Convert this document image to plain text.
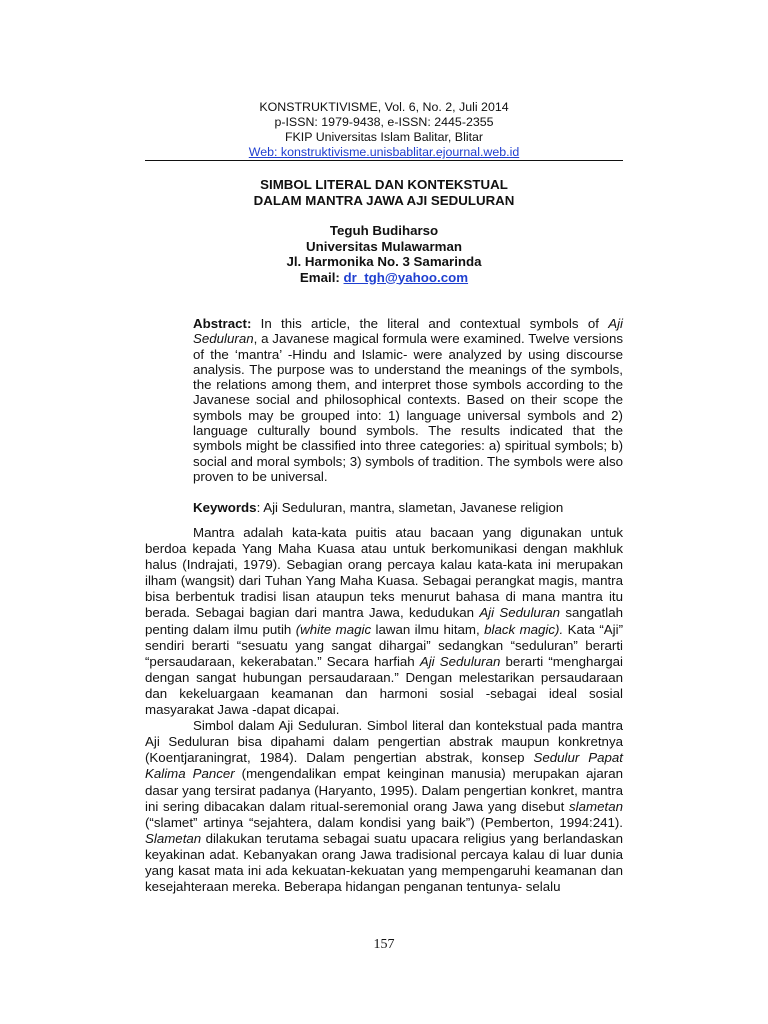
KONSTRUKTIVISME, Vol. 6, No. 2, Juli 2014
p-ISSN: 1979-9438, e-ISSN: 2445-2355
FKIP Universitas Islam Balitar, Blitar
Web: konstruktivisme.unisbablitar.ejournal.web.id
SIMBOL LITERAL DAN KONTEKSTUAL
DALAM MANTRA JAWA AJI SEDULURAN
Teguh Budiharso
Universitas Mulawarman
Jl. Harmonika No. 3 Samarinda
Email: dr_tgh@yahoo.com
Abstract: In this article, the literal and contextual symbols of Aji Seduluran, a Javanese magical formula were examined. Twelve versions of the ‘mantra’ -Hindu and Islamic- were analyzed by using discourse analysis. The purpose was to understand the meanings of the symbols, the relations among them, and interpret those symbols according to the Javanese social and philosophical contexts. Based on their scope the symbols may be grouped into: 1) language universal symbols and 2) language culturally bound symbols. The results indicated that the symbols might be classified into three categories: a) spiritual symbols; b) social and moral symbols; 3) symbols of tradition. The symbols were also proven to be universal.
Keywords: Aji Seduluran, mantra, slametan, Javanese religion

Mantra adalah kata-kata puitis atau bacaan yang digunakan untuk berdoa kepada Yang Maha Kuasa atau untuk berkomunikasi dengan makhluk halus (Indrajati, 1979). Sebagian orang percaya kalau kata-kata ini merupakan ilham (wangsit) dari Tuhan Yang Maha Kuasa. Sebagai perangkat magis, mantra bisa berbentuk tradisi lisan ataupun teks menurut bahasa di mana mantra itu berada. Sebagai bagian dari mantra Jawa, kedudukan Aji Seduluran sangatlah penting dalam ilmu putih (white magic lawan ilmu hitam, black magic). Kata “Aji” sendiri berarti “sesuatu yang sangat dihargai” sedangkan “seduluran” berarti “persaudaraan, kekerabatan.” Secara harfiah Aji Seduluran berarti “menghargai dengan sangat hubungan persaudaraan.” Dengan melestarikan persaudaraan dan kekeluargaan keamanan dan harmoni sosial -sebagai ideal sosial masyarakat Jawa -dapat dicapai.

Simbol dalam Aji Seduluran. Simbol literal dan kontekstual pada mantra Aji Seduluran bisa dipahami dalam pengertian abstrak maupun konkretnya (Koentjaraningrat, 1984). Dalam pengertian abstrak, konsep Sedulur Papat Kalima Pancer (mengendalikan empat keinginan manusia) merupakan ajaran dasar yang tersirat padanya (Haryanto, 1995). Dalam pengertian konkret, mantra ini sering dibacakan dalam ritual-seremonial orang Jawa yang disebut slametan (“slamet” artinya “sejahtera, dalam kondisi yang baik”) (Pemberton, 1994:241). Slametan dilakukan terutama sebagai suatu upacara religius yang berlandaskan keyakinan adat. Kebanyakan orang Jawa tradisional percaya kalau di luar dunia yang kasat mata ini ada kekuatan-kekuatan yang mempengaruhi keamanan dan kesejahteraan mereka. Beberapa hidangan penganan tentunya- selalu

157
